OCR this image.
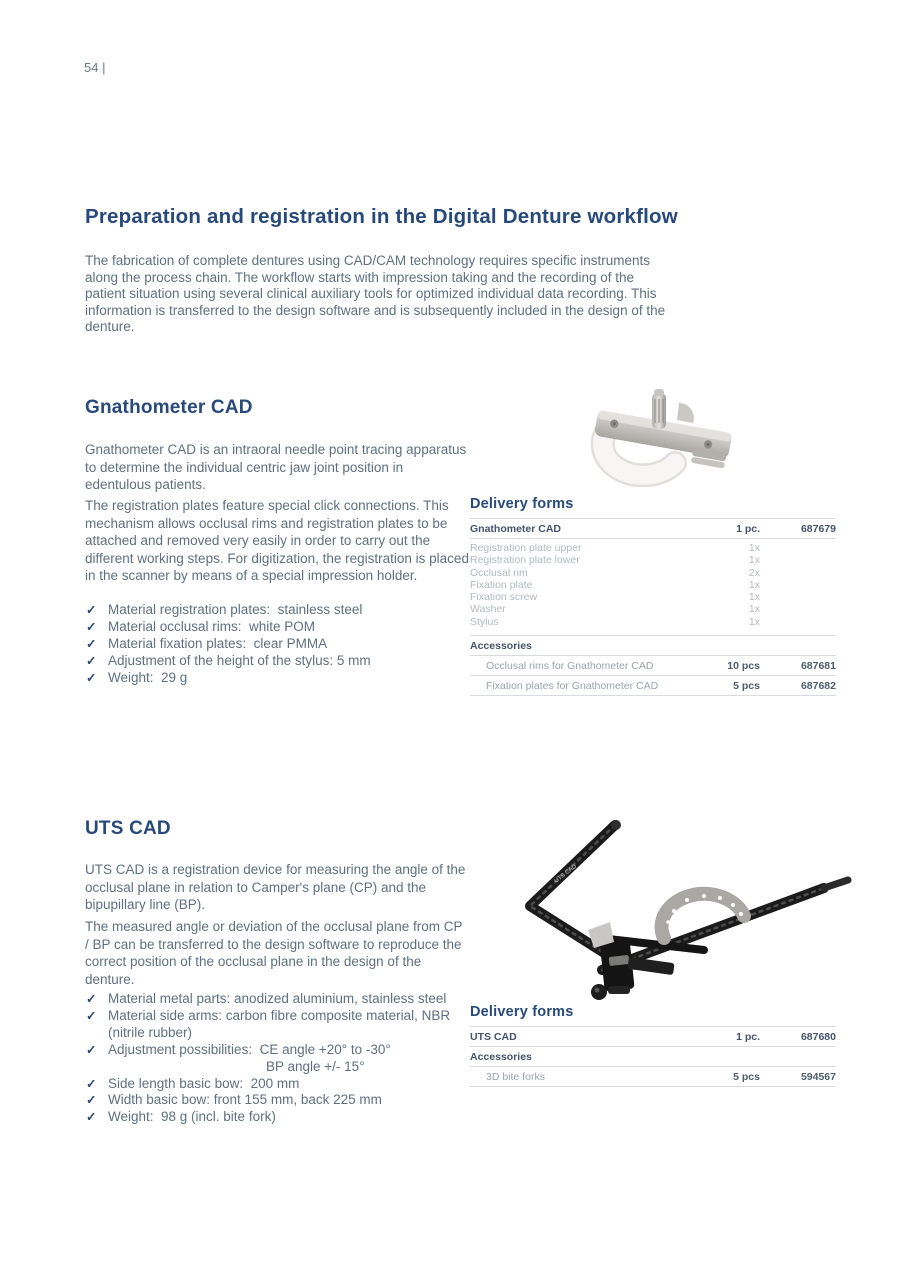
54 |
Preparation and registration in the Digital Denture workflow

The fabrication of complete dentures using CAD/CAM technology requires specific instruments along the process chain. The workflow starts with impression taking and the recording of the patient situation using several clinical auxiliary tools for optimized individual data recording. This information is transferred to the design software and is subsequently included in the design of the denture.

Gnathometer CAD

Gnathometer CAD is an intraoral needle point tracing apparatus to determine the individual centric jaw joint position in edentulous patients.

The registration plates feature special click connections. This mechanism allows occlusal rims and registration plates to be attached and removed very easily in order to carry out the different working steps. For digitization, the registration is placed in the scanner by means of a special impression holder.

✓ Material registration plates:  stainless steel
✓ Material occlusal rims:  white POM
✓ Material fixation plates:  clear PMMA
✓ Adjustment of the height of the stylus: 5 mm
✓ Weight:  29 g
Delivery forms
Gnathometer CAD	1 pc.	687679
Registration plate upper	1x
Registration plate lower	1x
Occlusal rim	2x
Fixation plate	1x
Fixation screw	1x
Washer	1x
Stylus	1x
Accessories
Occlusal rims for Gnathometer CAD	10 pcs	687681
Fixation plates for Gnathometer CAD	5 pcs	687682
UTS CAD
UTS CAD

UTS CAD is a registration device for measuring the angle of the occlusal plane in relation to Camper's plane (CP) and the bipupillary line (BP).

The measured angle or deviation of the occlusal plane from CP / BP can be transferred to the design software to reproduce the correct position of the occlusal plane in the design of the denture.

✓ Material metal parts: anodized aluminium, stainless steel
✓ Material side arms: carbon fibre composite material, NBR (nitrile rubber)
✓ Adjustment possibilities:  CE angle +20° to -30°
BP angle +/- 15°
✓ Side length basic bow:  200 mm
✓ Width basic bow: front 155 mm, back 225 mm
✓ Weight:  98 g (incl. bite fork)
Delivery forms
UTS CAD	1 pc.	687680
Accessories
3D bite forks	5 pcs	594567
